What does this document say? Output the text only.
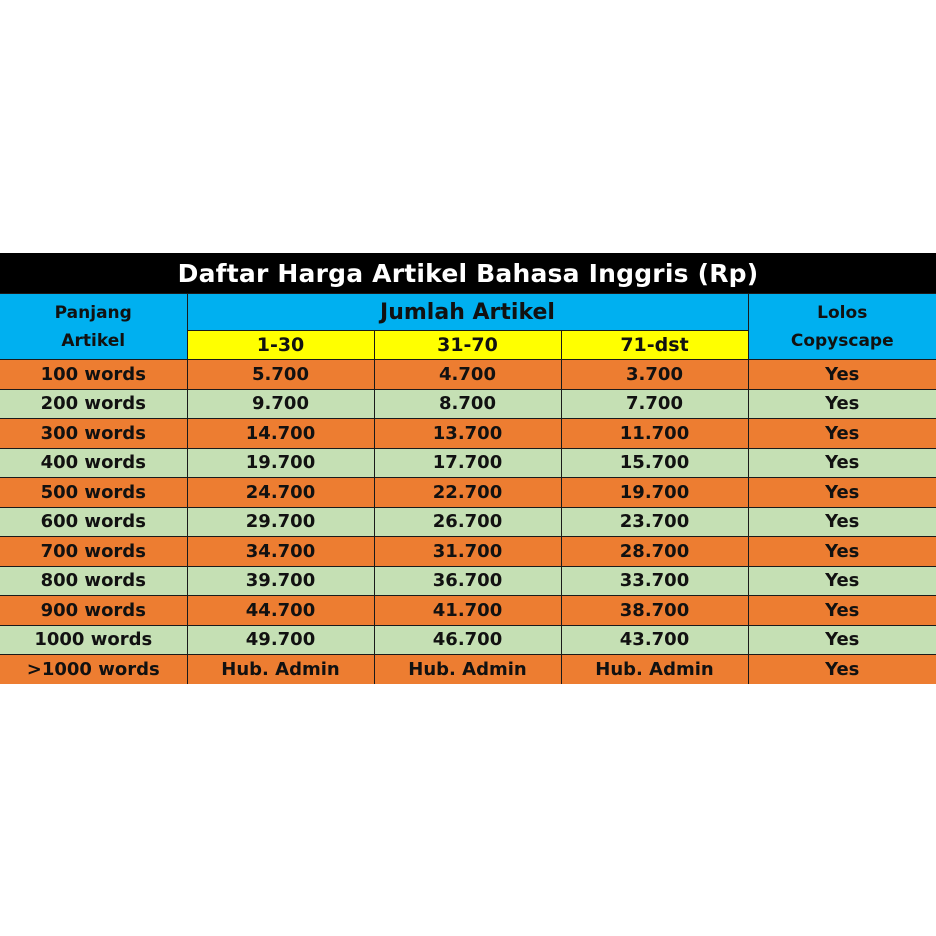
Daftar Harga Artikel Bahasa Inggris (Rp)
Panjang
Artikel	Jumlah Artikel			Lolos
Copyscape

	1-30	31-70	71-dst	
100 words	5.700	4.700	3.700	Yes
200 words	9.700	8.700	7.700	Yes
300 words	14.700	13.700	11.700	Yes
400 words	19.700	17.700	15.700	Yes
500 words	24.700	22.700	19.700	Yes
600 words	29.700	26.700	23.700	Yes
700 words	34.700	31.700	28.700	Yes
800 words	39.700	36.700	33.700	Yes
900 words	44.700	41.700	38.700	Yes
1000 words	49.700	46.700	43.700	Yes
>1000 words	Hub. Admin	Hub. Admin	Hub. Admin	Yes
